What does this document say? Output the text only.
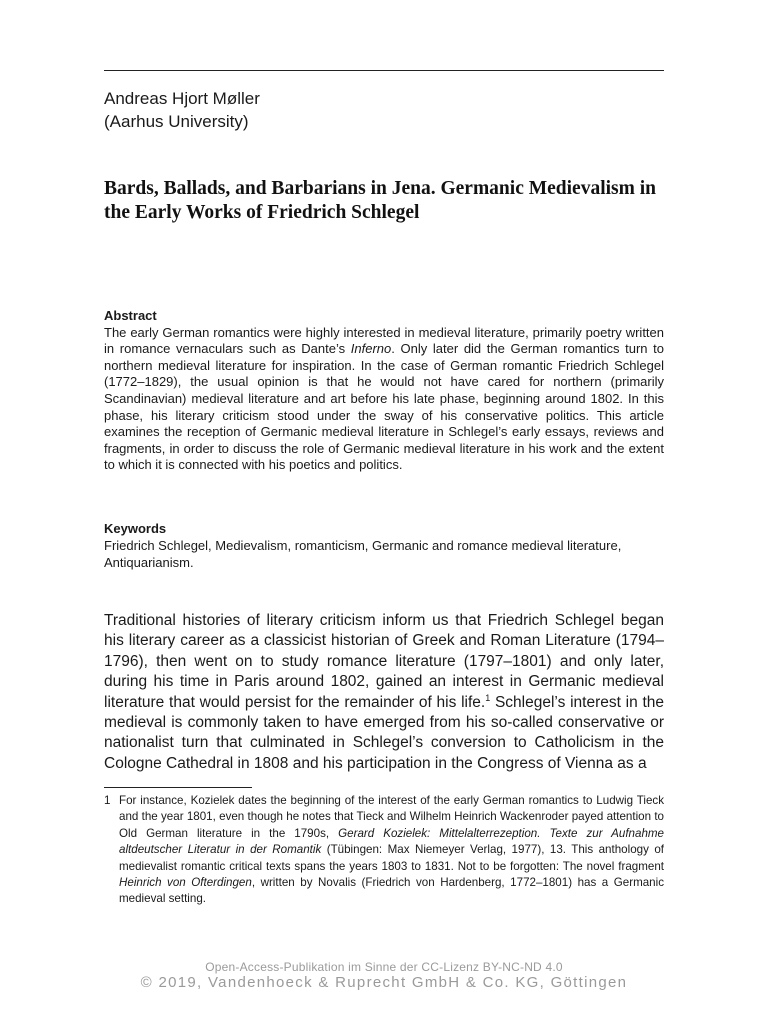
Andreas Hjort Møller
(Aarhus University)
Bards, Ballads, and Barbarians in Jena. Germanic Medievalism in the Early Works of Friedrich Schlegel
Abstract

The early German romantics were highly interested in medieval literature, primarily poetry written in romance vernaculars such as Dante’s Inferno. Only later did the German romantics turn to northern medieval literature for inspiration. In the case of German romantic Friedrich Schlegel (1772–1829), the usual opinion is that he would not have cared for northern (primarily Scandinavian) medieval literature and art before his late phase, beginning around 1802. In this phase, his literary criticism stood under the sway of his conservative politics. This article examines the reception of Germanic medieval literature in Schlegel’s early essays, reviews and fragments, in order to discuss the role of Germanic medieval literature in his work and the extent to which it is connected with his poetics and politics.

Keywords

Friedrich Schlegel, Medievalism, romanticism, Germanic and romance medieval literature, Antiquarianism.

Traditional histories of literary criticism inform us that Friedrich Schlegel began his literary career as a classicist historian of Greek and Roman Literature (1794–1796), then went on to study romance literature (1797–1801) and only later, during his time in Paris around 1802, gained an interest in Germanic medieval literature that would persist for the remainder of his life.$^1$ Schlegel’s interest in the medieval is commonly taken to have emerged from his so-called conservative or nationalist turn that culminated in Schlegel’s conversion to Catholicism in the Cologne Cathedral in 1808 and his participation in the Congress of Vienna as a

1 For instance, Kozielek dates the beginning of the interest of the early German romantics to Ludwig Tieck and the year 1801, even though he notes that Tieck and Wilhelm Heinrich Wackenroder payed attention to Old German literature in the 1790s, Gerard Kozielek: Mittelalterrezeption. Texte zur Aufnahme altdeutscher Literatur in der Romantik (Tübingen: Max Niemeyer Verlag, 1977), 13. This anthology of medievalist romantic critical texts spans the years 1803 to 1831. Not to be forgotten: The novel fragment Heinrich von Ofterdingen, written by Novalis (Friedrich von Hardenberg, 1772–1801) has a Germanic medieval setting.

Open-Access-Publikation im Sinne der CC-Lizenz BY-NC-ND 4.0
© 2019, Vandenhoeck & Ruprecht GmbH & Co. KG, Göttingen
